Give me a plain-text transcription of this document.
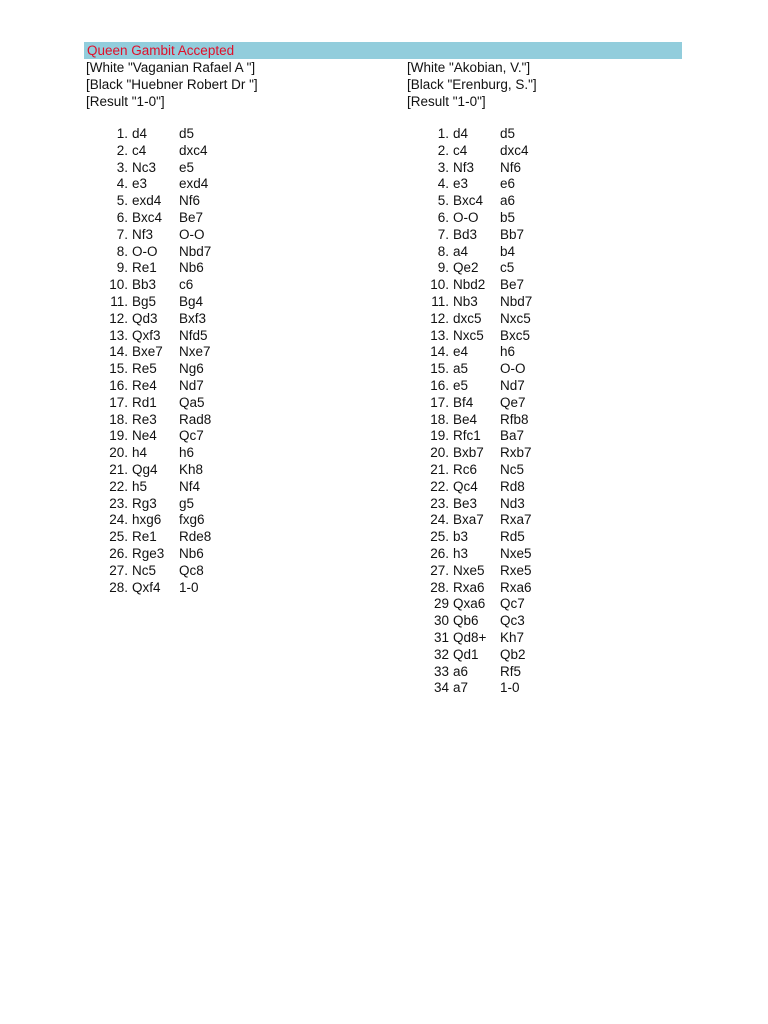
Queen Gambit Accepted
[White "Vaganian Rafael A "]
[Black "Huebner Robert Dr "]
[Result "1-0"]
1. d4 d5
2. c4 dxc4
3. Nc3 e5
4. e3 exd4
5. exd4 Nf6
6. Bxc4 Be7
7. Nf3 O-O
8. O-O Nbd7
9. Re1 Nb6
10. Bb3 c6
11. Bg5 Bg4
12. Qd3 Bxf3
13. Qxf3 Nfd5
14. Bxe7 Nxe7
15. Re5 Ng6
16. Re4 Nd7
17. Rd1 Qa5
18. Re3 Rad8
19. Ne4 Qc7
20. h4 h6
21. Qg4 Kh8
22. h5 Nf4
23. Rg3 g5
24. hxg6 fxg6
25. Re1 Rde8
26. Rge3 Nb6
27. Nc5 Qc8
28. Qxf4 1-0
[White "Akobian, V."]
[Black "Erenburg, S."]
[Result "1-0"]
1. d4 d5
2. c4 dxc4
3. Nf3 Nf6
4. e3 e6
5. Bxc4 a6
6. O-O b5
7. Bd3 Bb7
8. a4 b4
9. Qe2 c5
10. Nbd2 Be7
11. Nb3 Nbd7
12. dxc5 Nxc5
13. Nxc5 Bxc5
14. e4 h6
15. a5 O-O
16. e5 Nd7
17. Bf4 Qe7
18. Be4 Rfb8
19. Rfc1 Ba7
20. Bxb7 Rxb7
21. Rc6 Nc5
22. Qc4 Rd8
23. Be3 Nd3
24. Bxa7 Rxa7
25. b3 Rd5
26. h3 Nxe5
27. Nxe5 Rxe5
28. Rxa6 Rxa6
29 Qxa6 Qc7
30 Qb6 Qc3
31 Qd8+ Kh7
32 Qd1 Qb2
33 a6 Rf5
34 a7 1-0
